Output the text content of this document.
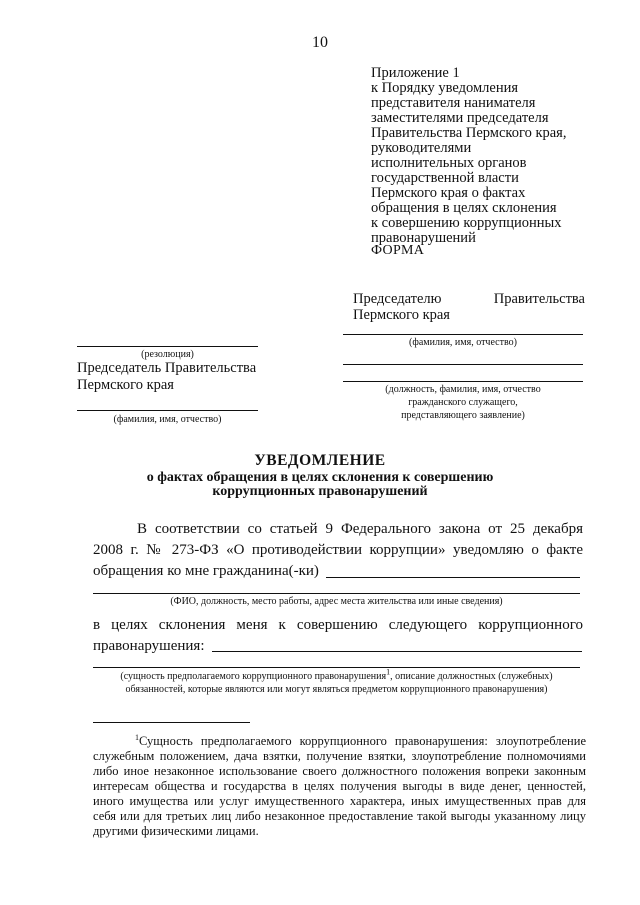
10
Приложение 1
к Порядку уведомления
представителя нанимателя
заместителями председателя
Правительства Пермского края,
руководителями
исполнительных органов
государственной власти
Пермского края о фактах
обращения в целях склонения
к совершению коррупционных
правонарушений
ФОРМА
Председателю	Правительства
Пермского края
(фамилия, имя, отчество)
(должность, фамилия, имя, отчество
гражданского служащего,
представляющего заявление)
(резолюция)
Председатель Правительства
Пермского края
(фамилия, имя, отчество)
УВЕДОМЛЕНИЕ
о фактах обращения в целях склонения к совершению
коррупционных правонарушений
В соответствии со статьей 9 Федерального закона от 25 декабря
2008 г. № 273-ФЗ «О противодействии коррупции» уведомляю о факте
обращения ко мне гражданина(-ки)
(ФИО, должность, место работы, адрес места жительства или иные сведения)
в целях склонения меня к совершению следующего коррупционного
правонарушения:
(сущность предполагаемого коррупционного правонарушения$^1$, описание должностных (служебных)
обязанностей, которые являются или могут являться предметом коррупционного правонарушения)
$^1$Сущность предполагаемого коррупционного правонарушения: злоупотребление служебным положением, дача взятки, получение взятки, злоупотребление полномочиями либо иное незаконное использование своего должностного положения вопреки законным интересам общества и государства в целях получения выгоды в виде денег, ценностей, иного имущества или услуг имущественного характера, иных имущественных прав для себя или для третьих лиц либо незаконное предоставление такой выгоды указанному лицу другими физическими лицами.
